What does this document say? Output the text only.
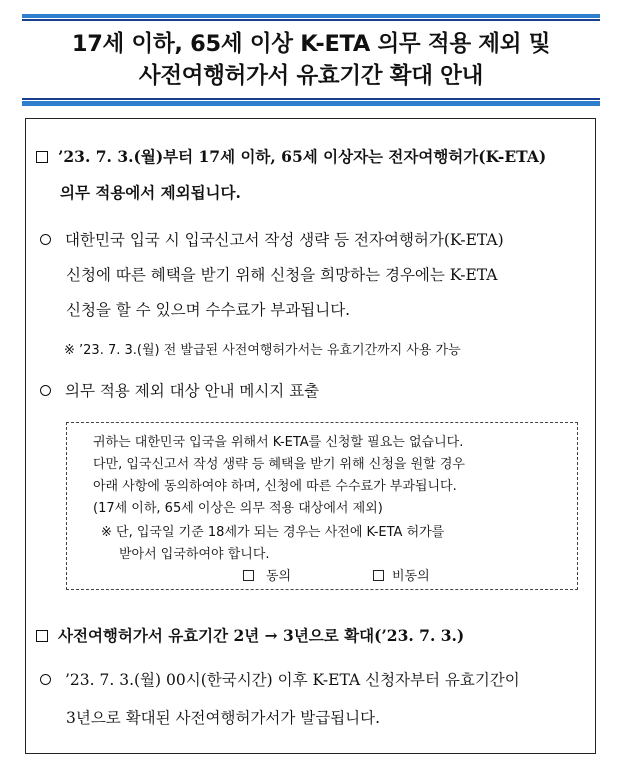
17세 이하, 65세 이상 K-ETA 의무 적용 제외 및
사전여행허가서 유효기간 확대 안내
’23. 7. 3.(월)부터 17세 이하, 65세 이상자는 전자여행허가(K-ETA)
의무 적용에서 제외됩니다.
대한민국 입국 시 입국신고서 작성 생략 등 전자여행허가(K-ETA)
신청에 따른 혜택을 받기 위해 신청을 희망하는 경우에는 K-ETA
신청을 할 수 있으며 수수료가 부과됩니다.
※ ’23. 7. 3.(월) 전 발급된 사전여행허가서는 유효기간까지 사용 가능
의무 적용 제외 대상 안내 메시지 표출
귀하는 대한민국 입국을 위해서 K-ETA를 신청할 필요는 없습니다.
다만, 입국신고서 작성 생략 등 혜택을 받기 위해 신청을 원할 경우
아래 사항에 동의하여야 하며, 신청에 따른 수수료가 부과됩니다.
(17세 이하, 65세 이상은 의무 적용 대상에서 제외)
※ 단, 입국일 기준 18세가 되는 경우는 사전에 K-ETA 허가를
받아서 입국하여야 합니다.
동의	비동의
사전여행허가서 유효기간 2년 → 3년으로 확대(’23. 7. 3.)
’23. 7. 3.(월) 00시(한국시간) 이후 K-ETA 신청자부터 유효기간이
3년으로 확대된 사전여행허가서가 발급됩니다.
